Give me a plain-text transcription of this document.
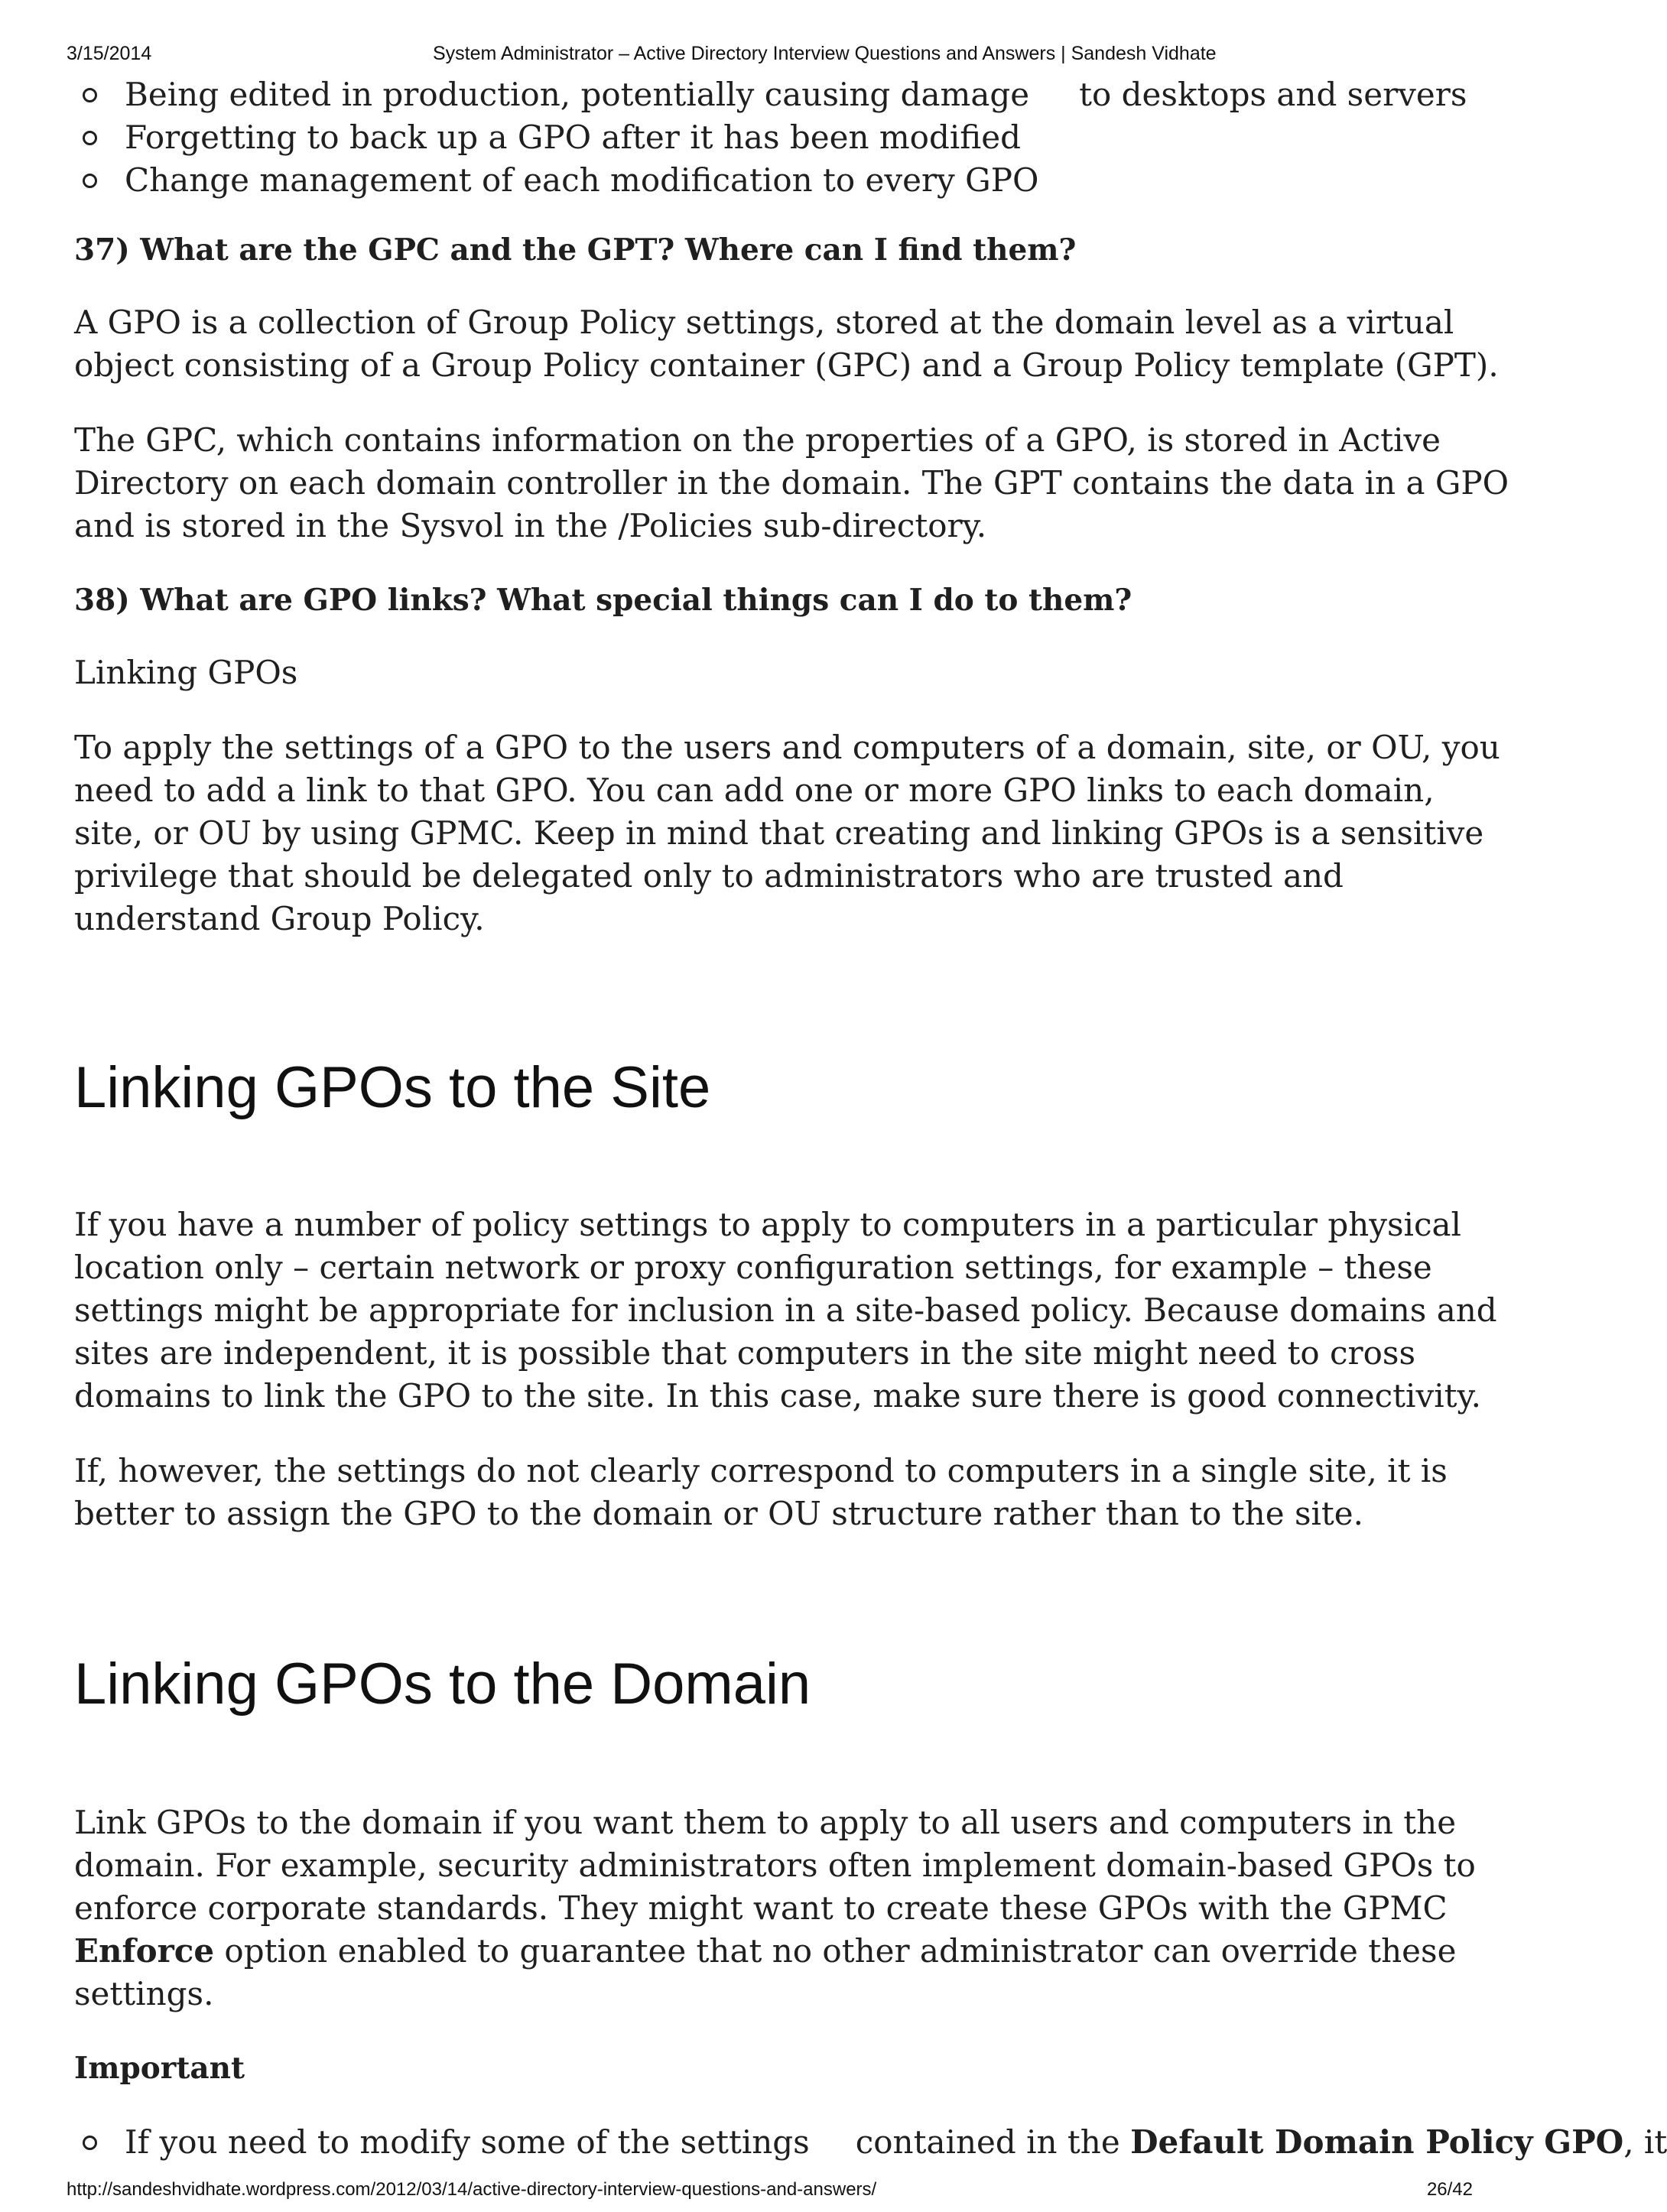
3/15/2014	System Administrator – Active Directory Interview Questions and Answers | Sandesh Vidhate
Being edited in production, potentially causing damage to desktops and servers
Forgetting to back up a GPO after it has been modified
Change management of each modification to every GPO

37) What are the GPC and the GPT? Where can I find them?

A GPO is a collection of Group Policy settings, stored at the domain level as a virtual object consisting of a Group Policy container (GPC) and a Group Policy template (GPT).

The GPC, which contains information on the properties of a GPO, is stored in Active Directory on each domain controller in the domain. The GPT contains the data in a GPO and is stored in the Sysvol in the /Policies sub-directory.

38) What are GPO links? What special things can I do to them?

Linking GPOs

To apply the settings of a GPO to the users and computers of a domain, site, or OU, you need to add a link to that GPO. You can add one or more GPO links to each domain, site, or OU by using GPMC. Keep in mind that creating and linking GPOs is a sensitive privilege that should be delegated only to administrators who are trusted and understand Group Policy.

Linking GPOs to the Site

If you have a number of policy settings to apply to computers in a particular physical location only – certain network or proxy configuration settings, for example – these settings might be appropriate for inclusion in a site-based policy. Because domains and sites are independent, it is possible that computers in the site might need to cross domains to link the GPO to the site. In this case, make sure there is good connectivity.

If, however, the settings do not clearly correspond to computers in a single site, it is better to assign the GPO to the domain or OU structure rather than to the site.

Linking GPOs to the Domain

Link GPOs to the domain if you want them to apply to all users and computers in the domain. For example, security administrators often implement domain-based GPOs to enforce corporate standards. They might want to create these GPOs with the GPMC Enforce option enabled to guarantee that no other administrator can override these settings.

Important

If you need to modify some of the settings contained in the Default Domain Policy GPO, it
http://sandeshvidhate.wordpress.com/2012/03/14/active-directory-interview-questions-and-answers/	26/42
